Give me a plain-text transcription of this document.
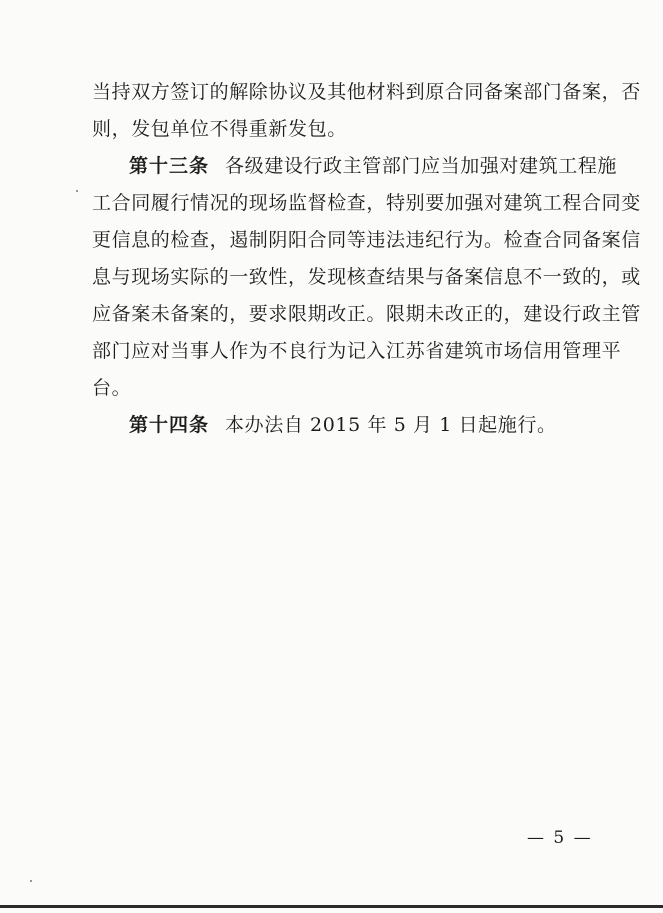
当持双方签订的解除协议及其他材料到原合同备案部门备案，否
则，发包单位不得重新发包。
第十三条 各级建设行政主管部门应当加强对建筑工程施
工合同履行情况的现场监督检查，特别要加强对建筑工程合同变
更信息的检查，遏制阴阳合同等违法违纪行为。检查合同备案信
息与现场实际的一致性，发现核查结果与备案信息不一致的，或
应备案未备案的，要求限期改正。限期未改正的，建设行政主管
部门应对当事人作为不良行为记入江苏省建筑市场信用管理平
台。
第十四条 本办法自 2015 年 5 月 1 日起施行。
— 5 —
